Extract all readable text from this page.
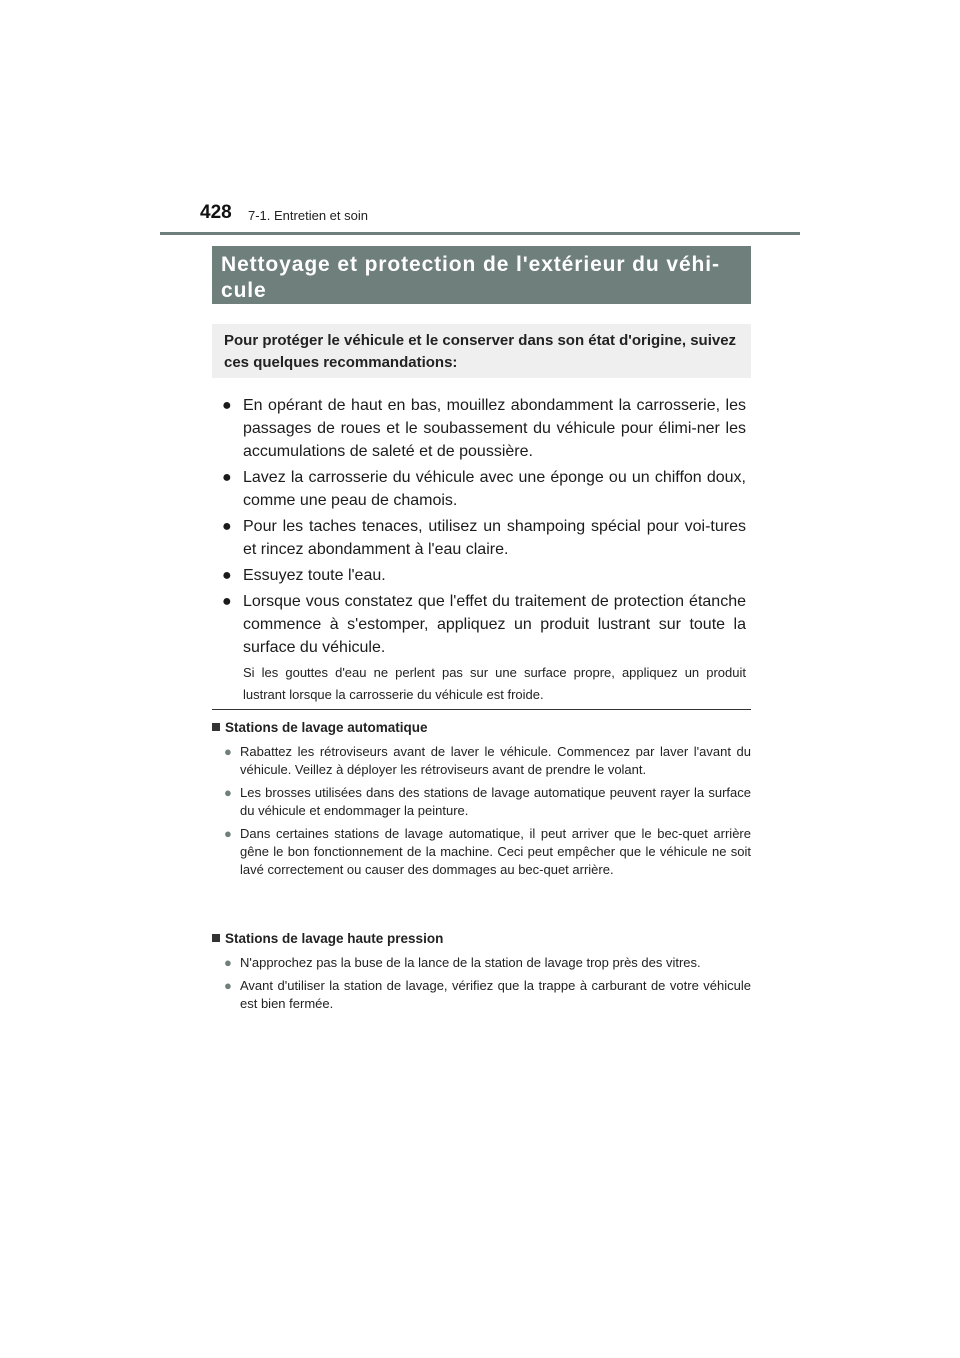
428 7-1. Entretien et soin
Nettoyage et protection de l'extérieur du véhi-cule
Pour protéger le véhicule et le conserver dans son état d'origine, suivez ces quelques recommandations:
● En opérant de haut en bas, mouillez abondamment la carrosserie, les passages de roues et le soubassement du véhicule pour élimi-ner les accumulations de saleté et de poussière.
● Lavez la carrosserie du véhicule avec une éponge ou un chiffon doux, comme une peau de chamois.
● Pour les taches tenaces, utilisez un shampoing spécial pour voi-tures et rincez abondamment à l'eau claire.
● Essuyez toute l'eau.
● Lorsque vous constatez que l'effet du traitement de protection étanche commence à s'estomper, appliquez un produit lustrant sur toute la surface du véhicule.
Si les gouttes d'eau ne perlent pas sur une surface propre, appliquez un produit lustrant lorsque la carrosserie du véhicule est froide.
Stations de lavage automatique
● Rabattez les rétroviseurs avant de laver le véhicule. Commencez par laver l'avant du véhicule. Veillez à déployer les rétroviseurs avant de prendre le volant.
● Les brosses utilisées dans des stations de lavage automatique peuvent rayer la surface du véhicule et endommager la peinture.
● Dans certaines stations de lavage automatique, il peut arriver que le bec-quet arrière gêne le bon fonctionnement de la machine. Ceci peut empêcher que le véhicule ne soit lavé correctement ou causer des dommages au bec-quet arrière.
Stations de lavage haute pression
● N'approchez pas la buse de la lance de la station de lavage trop près des vitres.
● Avant d'utiliser la station de lavage, vérifiez que la trappe à carburant de votre véhicule est bien fermée.
